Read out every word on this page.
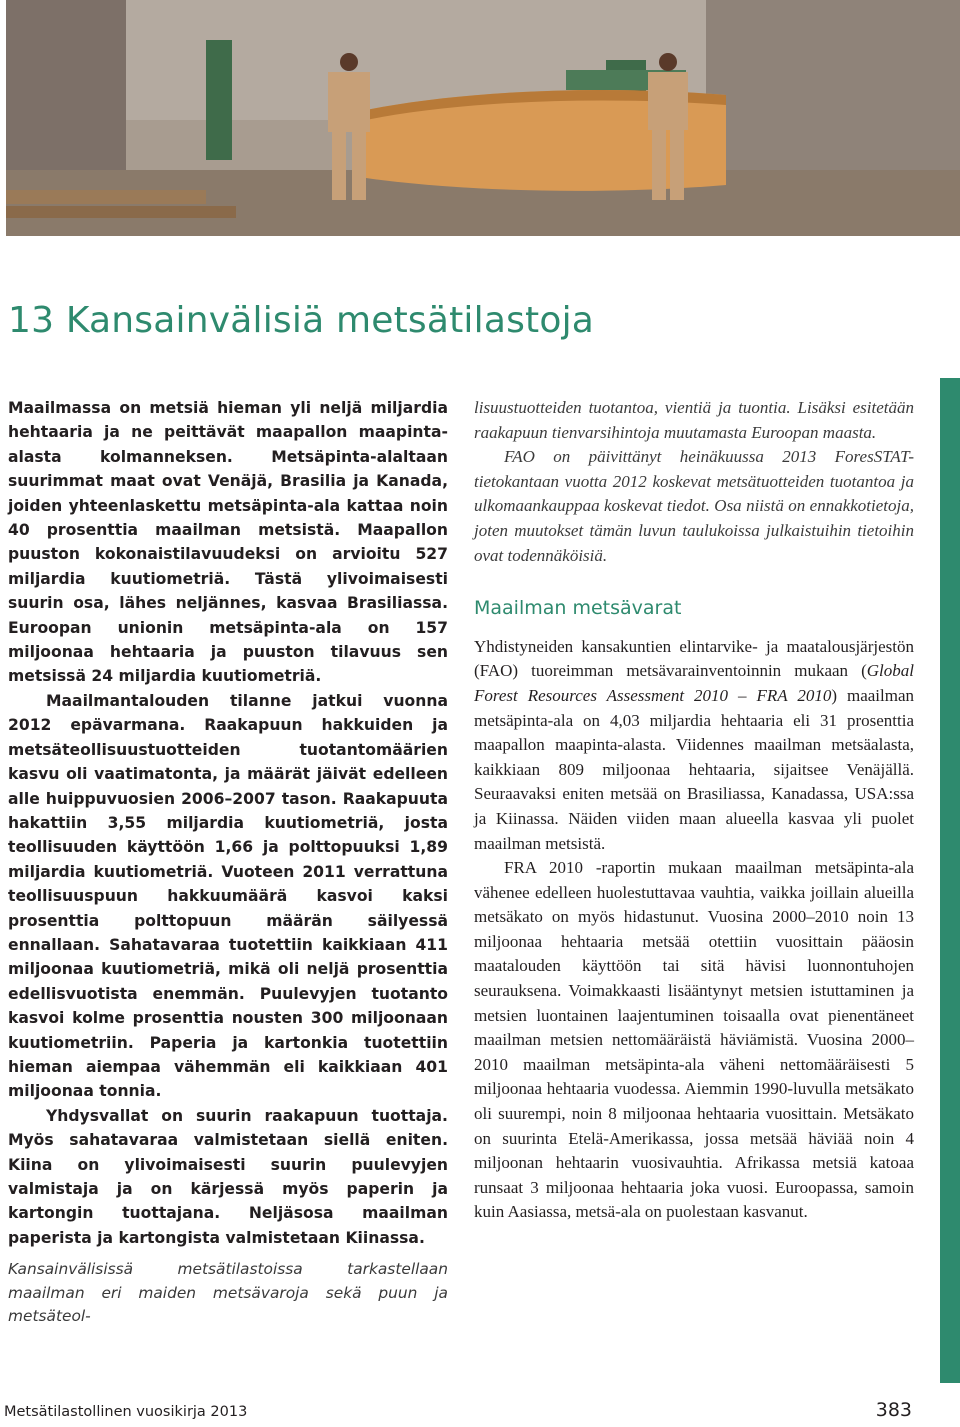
13 Kansainvälisiä metsätilastoja

Maailmassa on metsiä hieman yli neljä miljardia hehtaaria ja ne peittävät maapallon maapinta-alasta kolmanneksen. Metsäpinta-alaltaan suurimmat maat ovat Venäjä, Brasilia ja Kanada, joiden yhteenlaskettu metsäpinta-ala kattaa noin 40 prosenttia maailman metsistä. Maapallon puuston kokonaistilavuudeksi on arvioitu 527 miljardia kuutiometriä. Tästä ylivoimaisesti suurin osa, lähes neljännes, kasvaa Brasiliassa. Euroopan unionin metsäpinta-ala on 157 miljoonaa hehtaaria ja puuston tilavuus sen metsissä 24 miljardia kuutiometriä.

Maailmantalouden tilanne jatkui vuonna 2012 epävarmana. Raakapuun hakkuiden ja metsäteollisuustuotteiden tuotantomäärien kasvu oli vaatimatonta, ja määrät jäivät edelleen alle huippuvuosien 2006–2007 tason. Raakapuuta hakattiin 3,55 miljardia kuutiometriä, josta teollisuuden käyttöön 1,66 ja polttopuuksi 1,89 miljardia kuutiometriä. Vuoteen 2011 verrattuna teollisuuspuun hakkuumäärä kasvoi kaksi prosenttia polttopuun määrän säilyessä ennallaan. Sahatavaraa tuotettiin kaikkiaan 411 miljoonaa kuutiometriä, mikä oli neljä prosenttia edellisvuotista enemmän. Puulevyjen tuotanto kasvoi kolme prosenttia nousten 300 miljoonaan kuutiometriin. Paperia ja kartonkia tuotettiin hieman aiempaa vähemmän eli kaikkiaan 401 miljoonaa tonnia.

Yhdysvallat on suurin raakapuun tuottaja. Myös sahatavaraa valmistetaan siellä eniten. Kiina on ylivoimaisesti suurin puulevyjen valmistaja ja on kärjessä myös paperin ja kartongin tuottajana. Neljäsosa maailman paperista ja kartongista valmistetaan Kiinassa.

Kansainvälisissä metsätilastoissa tarkastellaan maailman eri maiden metsävaroja sekä puun ja metsäteol-

lisuustuotteiden tuotantoa, vientiä ja tuontia. Lisäksi esitetään raakapuun tienvarsihintoja muutamasta Euroopan maasta.

FAO on päivittänyt heinäkuussa 2013 ForesSTAT-tietokantaan vuotta 2012 koskevat metsätuotteiden tuotantoa ja ulkomaankauppaa koskevat tiedot. Osa niistä on ennakkotietoja, joten muutokset tämän luvun taulukoissa julkaistuihin tietoihin ovat todennäköisiä.

Maailman metsävarat

Yhdistyneiden kansakuntien elintarvike- ja maatalousjärjestön (FAO) tuoreimman metsävarainventoinnin mukaan (Global Forest Resources Assessment 2010 – FRA 2010) maailman metsäpinta-ala on 4,03 miljardia hehtaaria eli 31 prosenttia maapallon maapinta-alasta. Viidennes maailman metsäalasta, kaikkiaan 809 miljoonaa hehtaaria, sijaitsee Venäjällä. Seuraavaksi eniten metsää on Brasiliassa, Kanadassa, USA:ssa ja Kiinassa. Näiden viiden maan alueella kasvaa yli puolet maailman metsistä.

FRA 2010 -raportin mukaan maailman metsäpinta-ala vähenee edelleen huolestuttavaa vauhtia, vaikka joillain alueilla metsäkato on myös hidastunut. Vuosina 2000–2010 noin 13 miljoonaa hehtaaria metsää otettiin vuosittain pääosin maatalouden käyttöön tai sitä hävisi luonnontuhojen seurauksena. Voimakkaasti lisääntynyt metsien istuttaminen ja metsien luontainen laajentuminen toisaalla ovat pienentäneet maailman metsien nettomääräistä häviämistä. Vuosina 2000–2010 maailman metsäpinta-ala väheni nettomääräisesti 5 miljoonaa hehtaaria vuodessa. Aiemmin 1990-luvulla metsäkato oli suurempi, noin 8 miljoonaa hehtaaria vuosittain. Metsäkato on suurinta Etelä-Amerikassa, jossa metsää häviää noin 4 miljoonan hehtaarin vuosivauhtia. Afrikassa metsiä katoaa runsaat 3 miljoonaa hehtaaria joka vuosi. Euroopassa, samoin kuin Aasiassa, metsä-ala on puolestaan kasvanut.

Metsätilastollinen vuosikirja 2013	383
